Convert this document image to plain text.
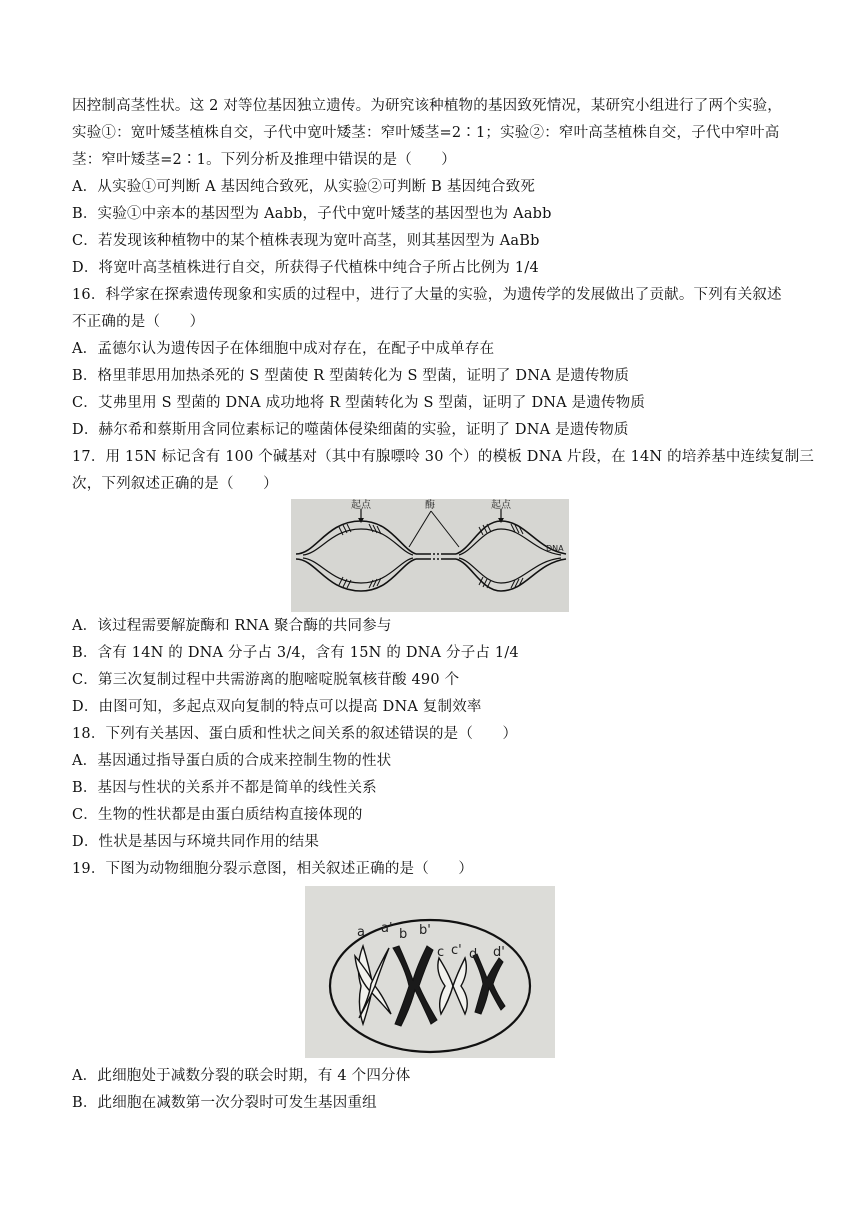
因控制高茎性状。这 2 对等位基因独立遗传。为研究该种植物的基因致死情况，某研究小组进行了两个实验，
实验①：宽叶矮茎植株自交，子代中宽叶矮茎：窄叶矮茎=2∶1；实验②：窄叶高茎植株自交，子代中窄叶高
茎：窄叶矮茎=2∶1。下列分析及推理中错误的是（　　）
A．从实验①可判断 A 基因纯合致死，从实验②可判断 B 基因纯合致死
B．实验①中亲本的基因型为 Aabb，子代中宽叶矮茎的基因型也为 Aabb
C．若发现该种植物中的某个植株表现为宽叶高茎，则其基因型为 AaBb
D．将宽叶高茎植株进行自交，所获得子代植株中纯合子所占比例为 1/4
16．科学家在探索遗传现象和实质的过程中，进行了大量的实验，为遗传学的发展做出了贡献。下列有关叙述
不正确的是（　　）
A．孟德尔认为遗传因子在体细胞中成对存在，在配子中成单存在
B．格里菲思用加热杀死的 S 型菌使 R 型菌转化为 S 型菌，证明了 DNA 是遗传物质
C．艾弗里用 S 型菌的 DNA 成功地将 R 型菌转化为 S 型菌，证明了 DNA 是遗传物质
D．赫尔希和蔡斯用含同位素标记的噬菌体侵染细菌的实验，证明了 DNA 是遗传物质
17．用 15N 标记含有 100 个碱基对（其中有腺嘌呤 30 个）的模板 DNA 片段，在 14N 的培养基中连续复制三
次，下列叙述正确的是（　　）
起点	酶	起点
DNA
A．该过程需要解旋酶和 RNA 聚合酶的共同参与
B．含有 14N 的 DNA 分子占 3/4，含有 15N 的 DNA 分子占 1/4
C．第三次复制过程中共需游离的胞嘧啶脱氧核苷酸 490 个
D．由图可知，多起点双向复制的特点可以提高 DNA 复制效率
18．下列有关基因、蛋白质和性状之间关系的叙述错误的是（　　）
A．基因通过指导蛋白质的合成来控制生物的性状
B．基因与性状的关系并不都是简单的线性关系
C．生物的性状都是由蛋白质结构直接体现的
D．性状是基因与环境共同作用的结果
19．下图为动物细胞分裂示意图，相关叙述正确的是（　　）
a a' b b'
c c' d d'
A．此细胞处于减数分裂的联会时期，有 4 个四分体
B．此细胞在减数第一次分裂时可发生基因重组
